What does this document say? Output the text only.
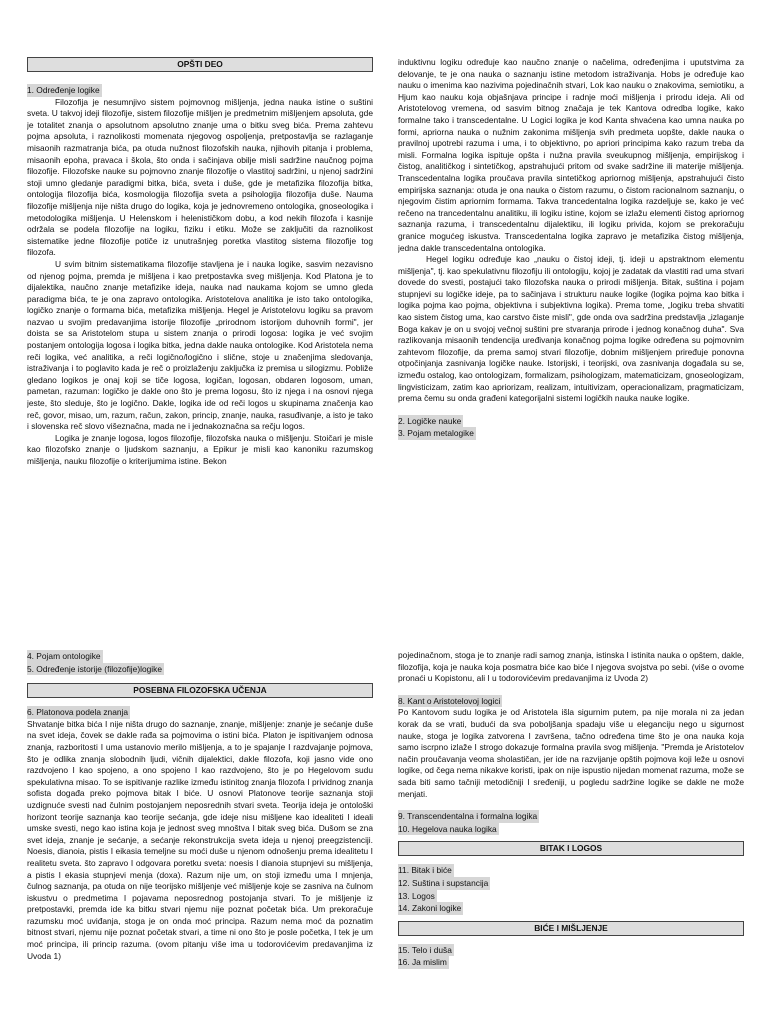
OPŠTI DEO
1. Određenje logike

Filozofija je nesumnjivo sistem pojmovnog mišljenja, jedna nauka istine o suštini sveta. U takvoj ideji filozofije, sistem filozofije mišljen je predmetnim mišljenjem apsoluta, gde je totalitet znanja o apsolutnom apsolutno znanje uma o bitku sveg bića. Prema zahtevu pojma apsoluta, i raznolikosti momenata njegovog ospoljenja, pretpostavlja se razlaganje misaonih razmatranja bića, pa otuda nužnost filozofskih nauka, njihovih pitanja i problema, misaonih epoha, pravaca i škola, što onda i sačinjava obilje misli sadržine naučnog pojma filozofije. Filozofske nauke su pojmovno znanje filozofije o vlastitoj sadržini, u njenoj sadržini stoji umno gledanje paradigmi bitka, bića, sveta i duše, gde je metafizika filozofija bitka, ontologija filozofija bića, kosmologija filozofija sveta a psihologija filozofija duše. Nauma filozofije mišljenja nije ništa drugo do logika, koja je jednovremeno ontologika, gnoseologika i metodologika mišljenja. U Helenskom i helenističkom dobu, a kod nekih filozofa i kasnije održala se podela filozofije na logiku, fiziku i etiku. Može se zaključiti da raznolikost sistematike jedne filozofije potiče iz unutrašnjeg poretka vlastitog sistema filozofije tog filozofa.

U svim bitnim sistematikama filozofije stavljena je i nauka logike, sasvim nezavisno od njenog pojma, premda je mišljena i kao pretpostavka sveg mišljenja. Kod Platona je to dijalektika, naučno znanje metafizike ideja, nauka nad naukama kojom se umno gleda paradigma bića, te je ona zapravo ontologika. Aristotelova analitika je isto tako ontologika, logičko znanje o formama bića, metafizika mišljenja. Hegel je Aristotelovu logiku sa pravom nazvao u svojim predavanjima istorije filozofije „prirodnom istorijom duhovnih formi", jer doista se sa Aristotelom stupa u sistem znanja o prirodi logosa: logika je već svojim postanjem ontologija logosa i logika bitka, jedna dakle nauka ontologike. Kod Aristotela nema reči logika, već analitika, a reči logično/logično i slične, stoje u značenjima sledovanja, istraživanja i to poglavito kada je reč o proizlaženju zaključka iz premisa u silogizmu. Pobliže gledano logikos je onaj koji se tiče logosa, logičan, logosan, obdaren logosom, uman, pametan, razuman: logičko je dakle ono što je prema logosu, što iz njega i na osnovi njega jeste, što sleduje, što je logično. Dakle, logika ide od reči logos u skupinama značenja kao reč, govor, misao, um, razum, račun, zakon, princip, znanje, nauka, rasuđivanje, a isto je tako i slovenska reč slovo višeznačna, mada ne i jednakoznačna sa rečju logos.

Logika je znanje logosa, logos filozofije, filozofska nauka o mišljenju. Stoičari je misle kao filozofsko znanje o ljudskom saznanju, a Epikur je misli kao kanoniku razumskog mišljenja, nauku filozofije o kriterijumima istine. Bekon

induktivnu logiku određuje kao naučno znanje o načelima, određenjima i uputstvima za delovanje, te je ona nauka o saznanju istine metodom istraživanja. Hobs je određuje kao nauku o imenima kao nazivima pojedinačnih stvari, Lok kao nauku o znakovima, semiotiku, a Hjum kao nauku koja objašnjava principe i radnje moći mišljenja i prirodu ideja. Ali od Aristotelovog vremena, od sasvim bitnog značaja je tek Kantova odredba logike, kako formalne tako i transcedentalne. U Logici logika je kod Kanta shvaćena kao umna nauka po formi, apriorna nauka o nužnim zakonima mišljenja svih predmeta uopšte, dakle nauka o pravilnoj upotrebi razuma i uma, i to objektivno, po apriori principima kako razum treba da misli. Formalna logika ispituje opšta i nužna pravila sveukupnog mišljenja, empirijskog i čistog, analitičkog i sintetičkog, apstrahujući pritom od svake sadržine ili materije mišljenja. Transcedentalna logika proučava pravila sintetičkog apriornog mišljenja, apstrahujući čisto empirijska saznanja: otuda je ona nauka o čistom razumu, o čistom racionalnom saznanju, o njegovim čistim apriornim formama. Takva trancedentalna logika razdeljuje se, kako je već rečeno na trancedentalnu analitiku, ili logiku istine, kojom se izlažu elementi čistog apriornog saznanja razuma, i transcedentalnu dijalektiku, ili logiku privida, kojom se prekoračuju granice mogućeg iskustva. Transcedentalna logika zapravo je metafizika čistog mišljenja, jedna dakle transcedentalna ontologika.

Hegel logiku određuje kao „nauku o čistoj ideji, tj. ideji u apstraktnom elementu mišljenja", tj. kao spekulativnu filozofiju ili ontologiju, kojoj je zadatak da vlastiti rad uma stvari dovede do svesti, postajući tako filozofska nauka o prirodi mišljenja. Bitak, suština i pojam stupnjevi su logičke ideje, pa to sačinjava i strukturu nauke logike (logika pojma kao bitka i logika pojma kao pojma, objektivna i subjektivna logika). Prema tome, „logiku treba shvatiti kao sistem čistog uma, kao carstvo čiste misli", gde onda ova sadržina predstavlja „izlaganje Boga kakav je on u svojoj večnoj suštini pre stvaranja prirode i jednog konačnog duha". Sva razlikovanja misaonih tendencija uređivanja konačnog pojma logike određena su pojmovnim zahtevom filozofije, da prema samoj stvari filozofije, dobnim mišljenjem priređuje ponovna otpočinjanja zasnivanja logičke nauke. Istorijski, i teorijski, ova zasnivanja događala su se, između ostalog, kao ontologizam, formalizam, psihologizam, matematicizam, gnoseologizam, lingvisticizam, zatim kao apriorizam, realizam, intuitivizam, operacionalizam, pragmaticizam, prema čemu su onda građeni kategorijalni sistemi logičkih nauka nauke logike.

2. Logičke nauke
3. Pojam metalogike
4. Pojam ontologike
5. Određenje istorije (filozofije)logike
POSEBNA FILOZOFSKA UČENJA
6. Platonova podela znanja

Shvatanje bitka bića I nije ništa drugo do saznanje, znanje, mišljenje: znanje je sećanje duše na svet ideja, čovek se dakle rađa sa pojmovima o istini bića. Platon je ispitivanjem odnosa znanja, razboritosti I uma ustanovio merilo mišljenja, a to je spajanje I razdvajanje pojmova, što je odlika znanja slobodnih ljudi, vičnih dijalektici, dakle filozofa, koji jasno vide ono razdvojeno I kao spojeno, a ono spojeno I kao razdvojeno, što je po Hegelovom sudu spekulativna misao. To se ispitivanje razlike između istinitog znanja filozofa I prividnog znanja sofista događa preko pojmova bitak I biće. U osnovi Platonove teorije saznanja stoji uzdignuće svesti nad čulnim postojanjem neposrednih stvari sveta. Teorija ideja je ontološki horizont teorije saznanja kao teorije sećanja, gde ideje nisu mišljene kao idealiteti I ideali umske svesti, nego kao istina koja je jednost sveg mnoštva I bitak sveg bića. Dušom se zna svet ideja, znanje je sećanje, a sećanje rekonstrukcija sveta ideja u njenoj preegzistenciji. Noesis, dianoia, pistis I eikasia temeljne su moći duše u njenom odnošenju prema idealitetu I realitetu sveta. što zapravo I odgovara poretku sveta: noesis I dianoia stupnjevi su mišljenja, a pistis I ekasia stupnjevi menja (doxa). Razum nije um, on stoji između uma I mnjenja, čulnog saznanja, pa otuda on nije teorijsko mišljenje već mišljenje koje se zasniva na čulnom iskustvu o predmetima I pojavama neposrednog postojanja stvari. To je mišljenje iz pretpostavki, premda ide ka bitku stvari njemu nije poznat početak bića. Um prekoračuje razumsku moć uviđanja, stoga je on onda moć principa. Razum nema moć da poznatim bitnost stvari, njemu nije poznat početak stvari, a time ni ono što je posle početka, I tek je um moć principa, ili princip razuma. (ovom pitanju više ima u todorovićevim predavanjima iz Uvoda 1)

pojedinačnom, stoga je to znanje radi samog znanja, istinska I istinita nauka o opštem, dakle, filozofija, koja je nauka koja posmatra biće kao biće I njegova svojstva po sebi. (više o ovome pronaći u Kopistonu, ali I u todorovićevim predavanjima iz Uvoda 2)

8. Kant o Aristotelovoj logici

Po Kantovom sudu logika je od Aristotela išla sigurnim putem, pa nije morala ni za jedan korak da se vrati, budući da sva poboljšanja spadaju više u eleganciju nego u sigurnost nauke, stoga je logika zatvorena I završena, tačno određena time što je ona nauka koja samo iscrpno izlaže I strogo dokazuje formalna pravila svog mišljenja. "Premda je Aristotelov način proučavanja veoma sholastičan, jer ide na razvijanje opštih pojmova koji leže u osnovi logike, od čega nema nikakve koristi, ipak on nije ispustio nijedan momenat razuma, može se sada biti samo tačniji metodičniji I sređeniji, u pogledu sadržine logike se dakle ne može menjati.

9. Transcendentalna i formalna logika
10. Hegelova nauka logika
BITAK I LOGOS
11. Bitak i biće
12. Suština i supstancija
13. Logos
14. Zakoni logike
BIĆE I MIŠLJENJE
15. Telo i duša
16. Ja mislim
